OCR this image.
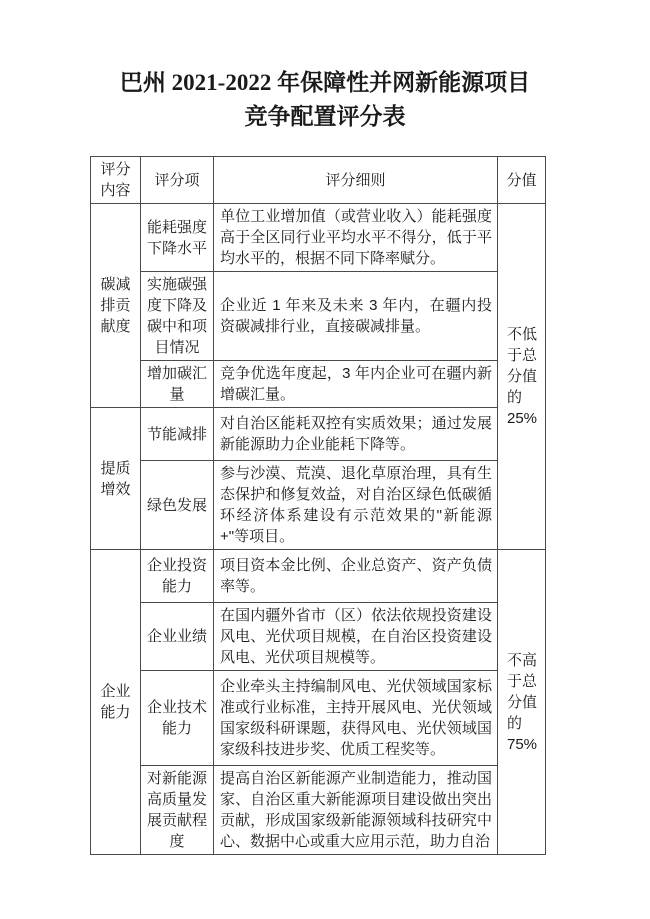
巴州 2021-2022 年保障性并网新能源项目
竞争配置评分表
评分内容	评分项	评分细则	分值
碳减排贡献度	能耗强度下降水平	单位工业增加值（或营业收入）能耗强度高于全区同行业平均水平不得分，低于平均水平的，根据不同下降率赋分。	不低于总分值的25%
	实施碳强度下降及碳中和项目情况	企业近 1 年来及未来 3 年内，在疆内投资碳减排行业，直接碳减排量。	
	增加碳汇量	竞争优选年度起，3 年内企业可在疆内新增碳汇量。	
提质增效	节能减排	对自治区能耗双控有实质效果；通过发展新能源助力企业能耗下降等。	
	绿色发展	参与沙漠、荒漠、退化草原治理，具有生态保护和修复效益，对自治区绿色低碳循环经济体系建设有示范效果的"新能源+"等项目。	
企业能力	企业投资能力	项目资本金比例、企业总资产、资产负债率等。	不高于总分值的75%
	企业业绩	在国内疆外省市（区）依法依规投资建设风电、光伏项目规模，在自治区投资建设风电、光伏项目规模等。	
	企业技术能力	企业牵头主持编制风电、光伏领域国家标准或行业标准，主持开展风电、光伏领域国家级科研课题，获得风电、光伏领域国家级科技进步奖、优质工程奖等。	
	对新能源高质量发展贡献程度	提高自治区新能源产业制造能力，推动国家、自治区重大新能源项目建设做出突出贡献，形成国家级新能源领域科技研究中心、数据中心或重大应用示范，助力自治	
